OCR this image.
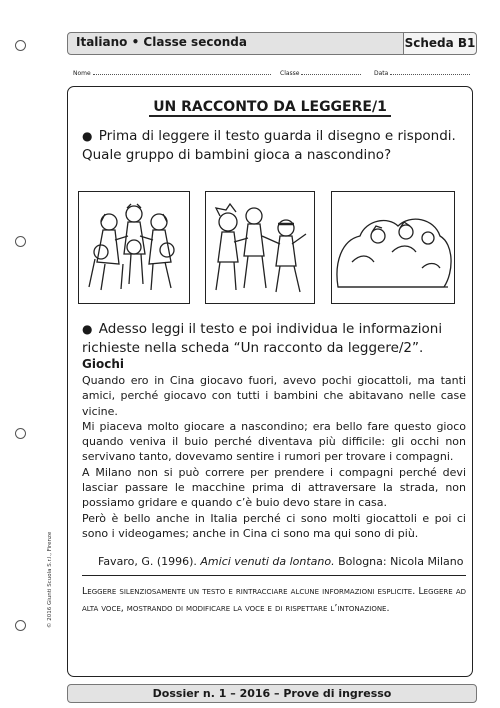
Italiano • Classe seconda	Scheda B1
Nome	Classe	Data
UN RACCONTO DA LEGGERE/1
● Prima di leggere il testo guarda il disegno e rispondi. Quale gruppo di bambini gioca a nascondino?
● Adesso leggi il testo e poi individua le informazioni richieste nella scheda “Un racconto da leggere/2”.
Giochi

Quando ero in Cina giocavo fuori, avevo pochi giocattoli, ma tanti amici, perché giocavo con tutti i bambini che abitavano nelle case vicine.

Mi piaceva molto giocare a nascondino; era bello fare questo gioco quando veniva il buio perché diventava più difficile: gli occhi non servivano tanto, dovevamo sentire i rumori per trovare i compagni.

A Milano non si può correre per prendere i compagni perché devi lasciar passare le macchine prima di attraversare la strada, non possiamo gridare e quando c’è buio devo stare in casa.

Però è bello anche in Italia perché ci sono molti giocattoli e poi ci sono i videogames; anche in Cina ci sono ma qui sono di più.

Favaro, G. (1996). Amici venuti da lontano. Bologna: Nicola Milano
Leggere silenziosamente un testo e rintracciare alcune informazioni esplicite. Leggere ad alta voce, mostrando di modificare la voce e di rispettare l’intonazione.
© 2016 Giunti Scuola S.r.l., Firenze
Dossier n. 1 – 2016 – Prove di ingresso
